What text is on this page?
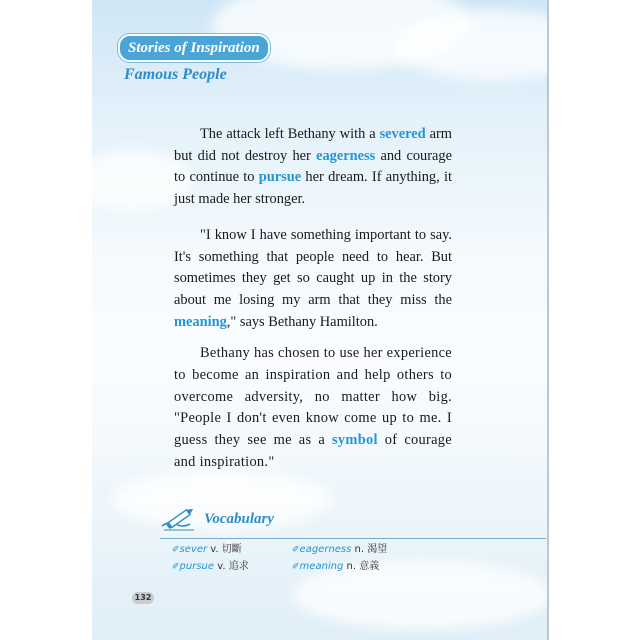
Stories of Inspiration
Famous People

The attack left Bethany with a severed arm but did not destroy her eagerness and courage to continue to pursue her dream. If anything, it just made her stronger.

"I know I have something important to say. It's something that people need to hear. But sometimes they get so caught up in the story about me losing my arm that they miss the meaning," says Bethany Hamilton.

Bethany has chosen to use her experience to become an inspiration and help others to overcome adversity, no matter how big. "People I don't even know come up to me. I guess they see me as a symbol of courage and inspiration."

Vocabulary
✐sever v. 切斷	✐eagerness n. 渴望
✐pursue v. 追求	✐meaning n. 意義
132
